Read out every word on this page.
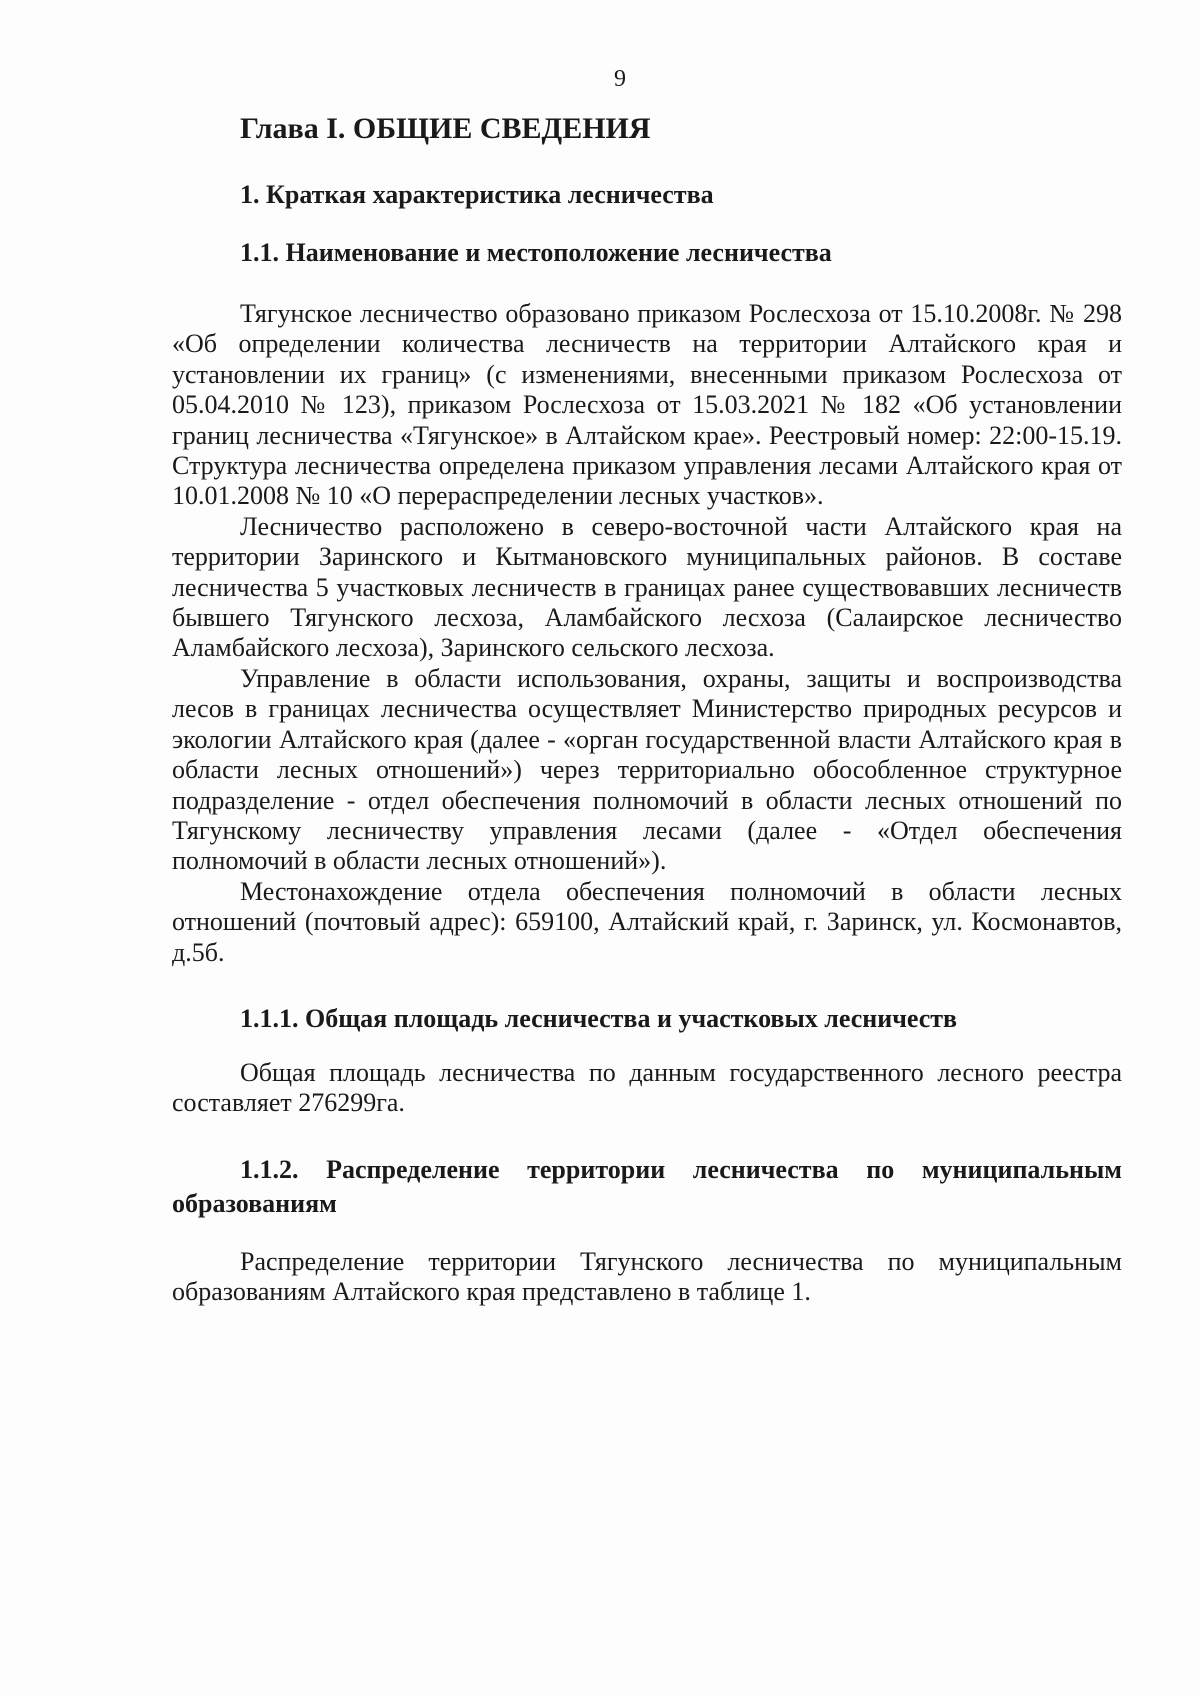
9
Глава I. ОБЩИЕ СВЕДЕНИЯ
1. Краткая характеристика лесничества
1.1. Наименование и местоположение лесничества

Тягунское лесничество образовано приказом Рослесхоза от 15.10.2008г. № 298 «Об определении количества лесничеств на территории Алтайского края и установлении их границ» (с изменениями, внесенными приказом Рослесхоза от 05.04.2010 № 123), приказом Рослесхоза от 15.03.2021 № 182 «Об установлении границ лесничества «Тягунское» в Алтайском крае». Реестровый номер: 22:00-15.19. Структура лесничества определена приказом управления лесами Алтайского края от 10.01.2008 № 10 «О перераспределении лесных участков».

Лесничество расположено в северо-восточной части Алтайского края на территории Заринского и Кытмановского муниципальных районов. В составе лесничества 5 участковых лесничеств в границах ранее существовавших лесничеств бывшего Тягунского лесхоза, Аламбайского лесхоза (Салаирское лесничество Аламбайского лесхоза), Заринского сельского лесхоза.

Управление в области использования, охраны, защиты и воспроизводства лесов в границах лесничества осуществляет Министерство природных ресурсов и экологии Алтайского края (далее - «орган государственной власти Алтайского края в области лесных отношений») через территориально обособленное структурное подразделение - отдел обеспечения полномочий в области лесных отношений по Тягунскому лесничеству управления лесами (далее - «Отдел обеспечения полномочий в области лесных отношений»).

Местонахождение отдела обеспечения полномочий в области лесных отношений (почтовый адрес): 659100, Алтайский край, г. Заринск, ул. Космонавтов, д.5б.

1.1.1. Общая площадь лесничества и участковых лесничеств

Общая площадь лесничества по данным государственного лесного реестра составляет 276299га.

1.1.2. Распределение территории лесничества по муниципальным образованиям

Распределение территории Тягунского лесничества по муниципальным образованиям Алтайского края представлено в таблице 1.
